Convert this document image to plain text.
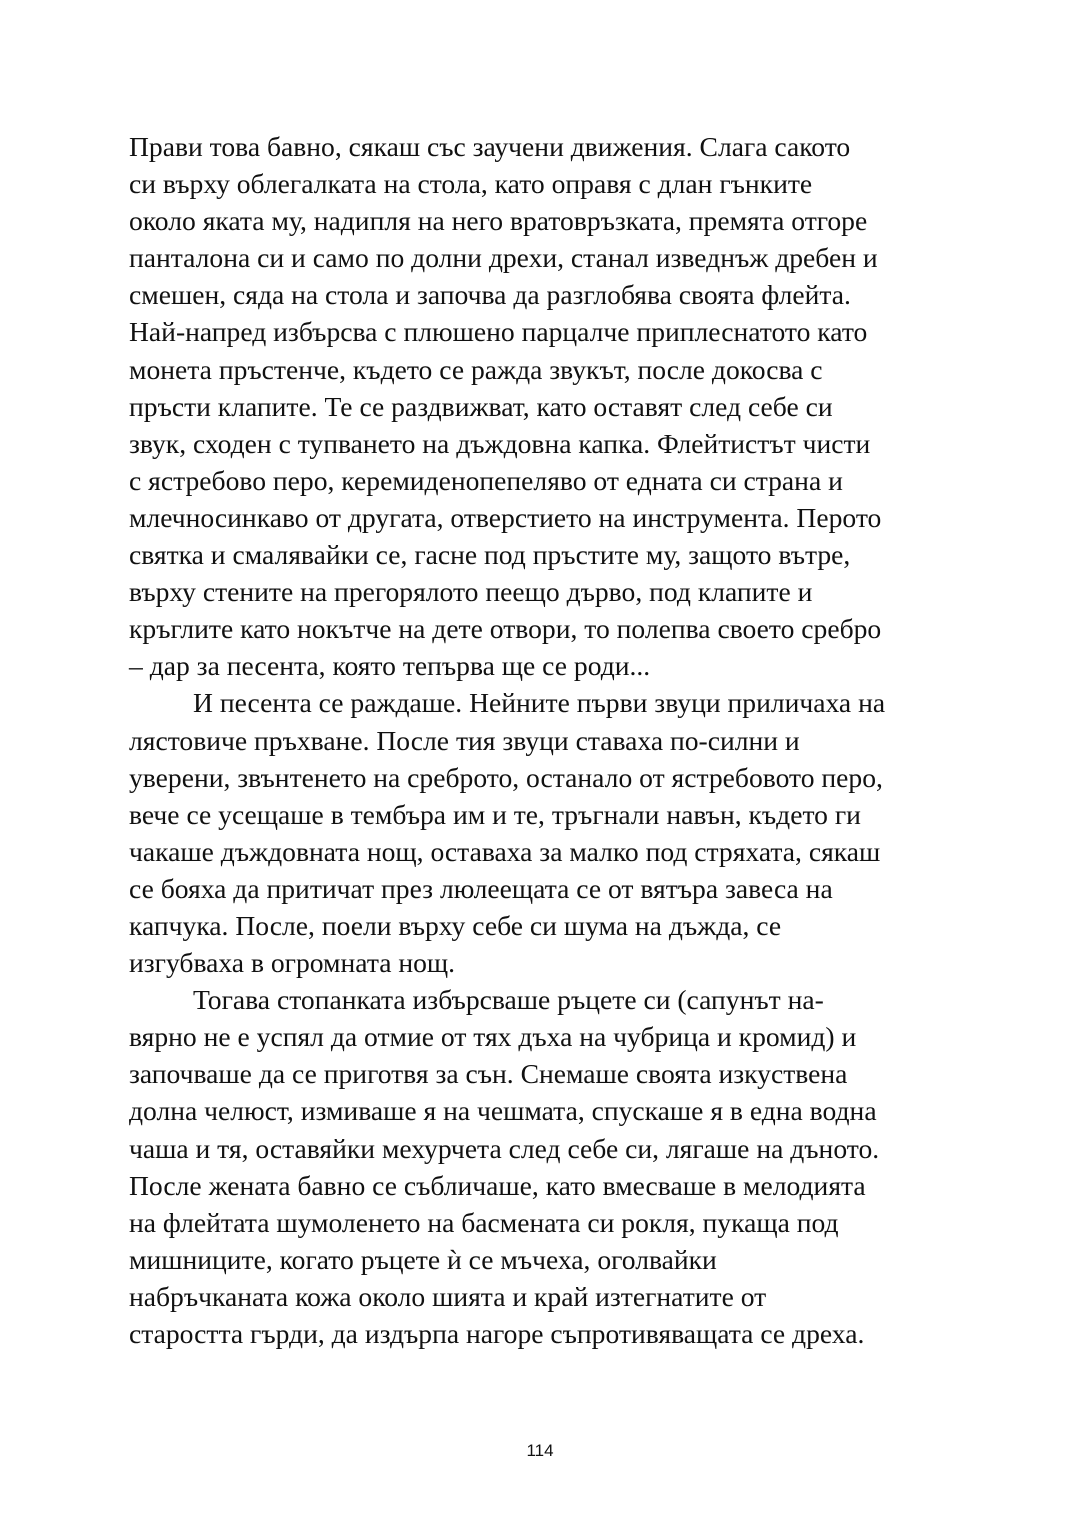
Прави това бавно, сякаш със заучени движения. Слага сакото
си върху облегалката на стола, като оправя с длан гънките
около яката му, надипля на него вратовръзката, премята отгоре
панталона си и само по долни дрехи, станал изведнъж дребен и
смешен, сяда на стола и започва да разглобява своята флейта.
Най-напред избърсва с плюшено парцалче приплеснатото като
монета пръстенче, където се ражда звукът, после докосва с
пръсти клапите. Те се раздвижват, като оставят след себе си
звук, сходен с тупването на дъждовна капка. Флейтистът чисти
с ястребово перо, керемиденопепеляво от едната си страна и
млечносинкаво от другата, отверстието на инструмента. Перото
святка и смалявайки се, гасне под пръстите му, защото вътре,
върху стените на прегорялото пеещо дърво, под клапите и
кръглите като нокътче на дете отвори, то полепва своето сребро
– дар за песента, която тепърва ще се роди...
И песента се раждаше. Нейните първи звуци приличаха на
лястовиче пръхване. После тия звуци ставаха по-силни и
уверени, звънтенето на среброто, останало от ястребовото перо,
вече се усещаше в тембъра им и те, тръгнали навън, където ги
чакаше дъждовната нощ, оставаха за малко под стряхата, сякаш
се бояха да притичат през люлеещата се от вятъра завеса на
капчука. После, поели върху себе си шума на дъжда, се
изгубваха в огромната нощ.
Тогава стопанката избърсваше ръцете си (сапунът на-
вярно не е успял да отмие от тях дъха на чубрица и кромид) и
започваше да се приготвя за сън. Снемаше своята изкуствена
долна челюст, измиваше я на чешмата, спускаше я в една водна
чаша и тя, оставяйки мехурчета след себе си, лягаше на дъното.
После жената бавно се събличаше, като вмесваше в мелодията
на флейтата шумоленето на басмената си рокля, пукаща под
мишниците, когато ръцете ѝ се мъчеха, оголвайки
набръчканата кожа около шията и край изтегнатите от
старостта гърди, да издърпа нагоре съпротивяващата се дреха.
114
